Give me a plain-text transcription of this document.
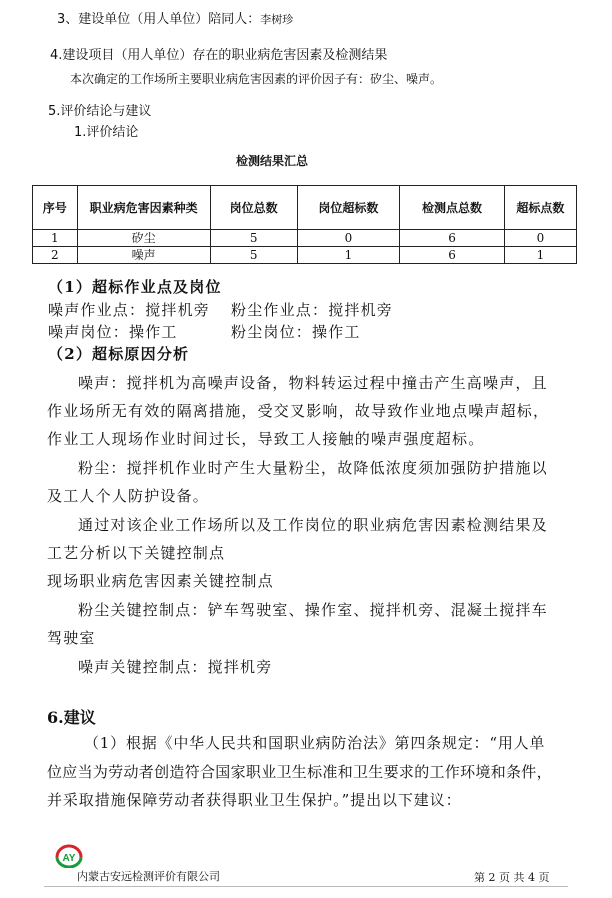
3、建设单位（用人单位）陪同人：李树珍
4.建设项目（用人单位）存在的职业病危害因素及检测结果
本次确定的工作场所主要职业病危害因素的评价因子有：矽尘、噪声。
5.评价结论与建议
1.评价结论
检测结果汇总
序号	职业病危害因素种类	岗位总数	岗位超标数	检测点总数	超标点数
1	矽尘	5	0	6	0
2	噪声	5	1	6	1
（1）超标作业点及岗位
噪声作业点：搅拌机旁 粉尘作业点：搅拌机旁
噪声岗位：操作工	粉尘岗位：操作工
（2）超标原因分析
噪声：搅拌机为高噪声设备，物料转运过程中撞击产生高噪声，且
作业场所无有效的隔离措施，受交叉影响，故导致作业地点噪声超标，
作业工人现场作业时间过长，导致工人接触的噪声强度超标。
粉尘：搅拌机作业时产生大量粉尘，故降低浓度须加强防护措施以
及工人个人防护设备。
通过对该企业工作场所以及工作岗位的职业病危害因素检测结果及
工艺分析以下关键控制点
现场职业病危害因素关键控制点
粉尘关键控制点：铲车驾驶室、操作室、搅拌机旁、混凝土搅拌车
驾驶室
噪声关键控制点：搅拌机旁
6.建议
（1）根据《中华人民共和国职业病防治法》第四条规定：“用人单
位应当为劳动者创造符合国家职业卫生标准和卫生要求的工作环境和条件，
并采取措施保障劳动者获得职业卫生保护。”提出以下建议：
AY
内蒙古安远检测评价有限公司	第 2 页 共 4 页
